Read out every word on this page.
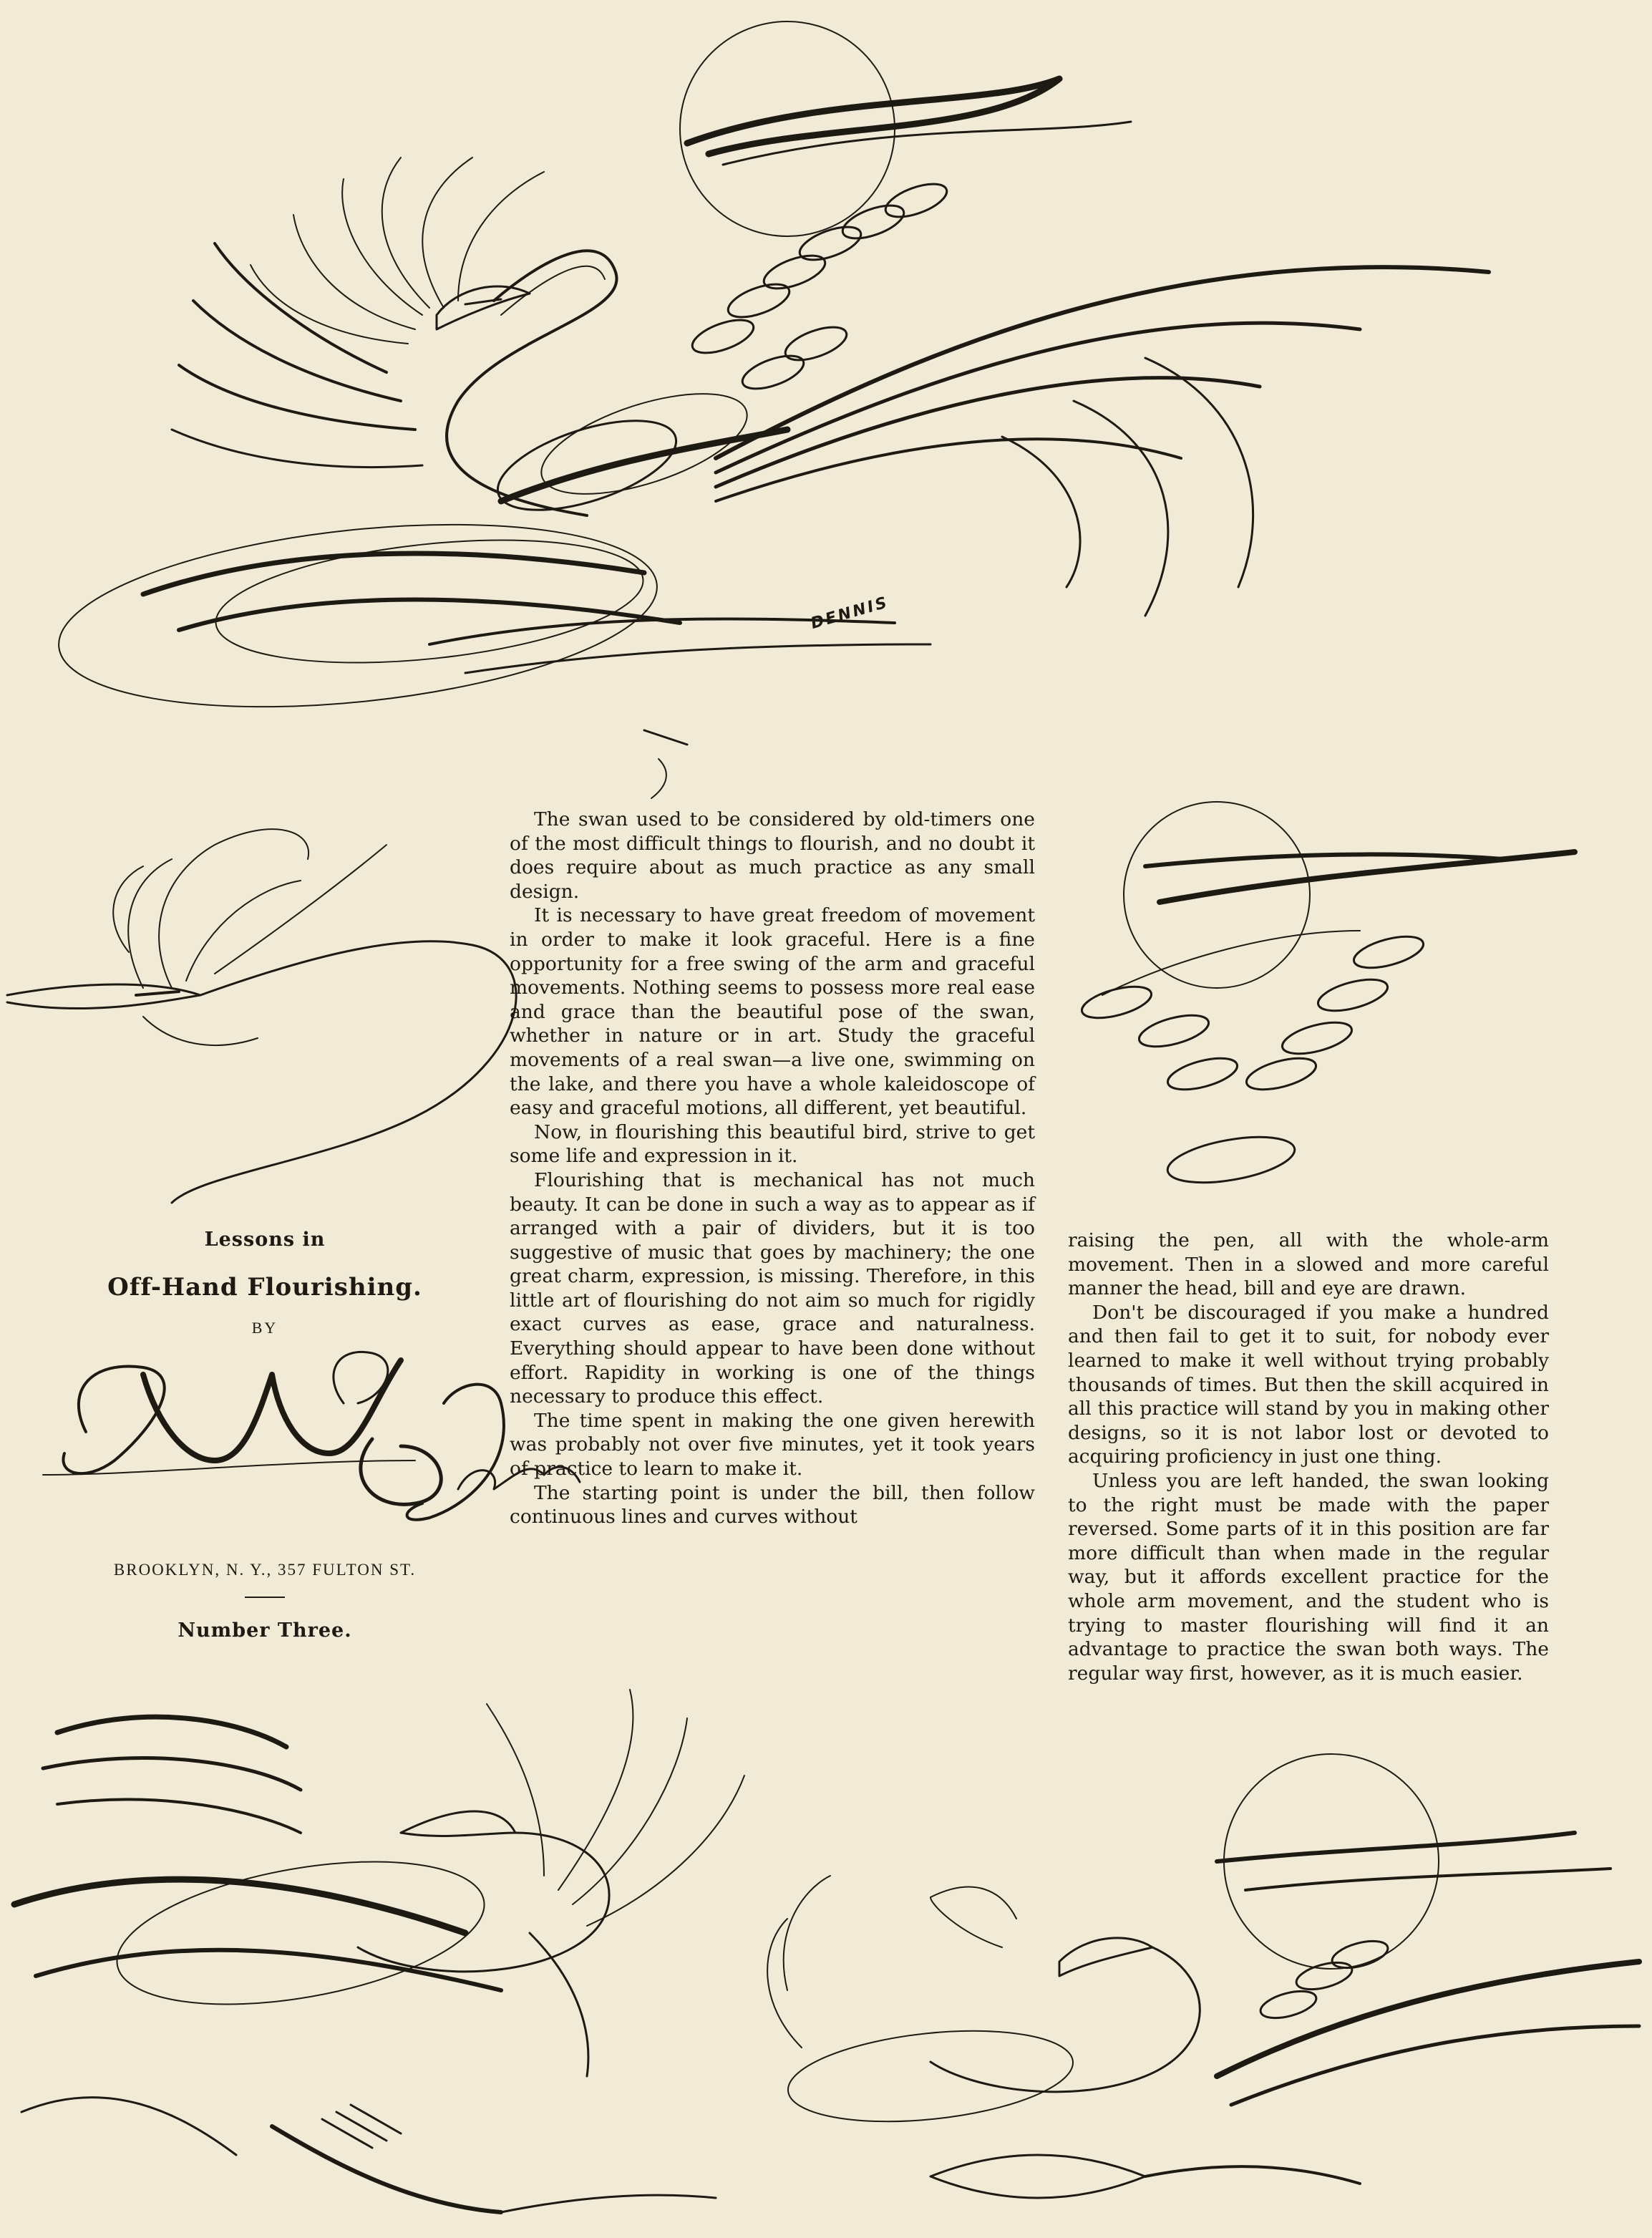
DENNIS
Lessons in
Off-Hand Flourishing.
BY
BROOKLYN, N. Y., 357 FULTON ST.
Number Three.

The swan used to be considered by old-timers one of the most difficult things to flourish, and no doubt it does require about as much practice as any small design.

It is necessary to have great freedom of movement in order to make it look graceful. Here is a fine opportunity for a free swing of the arm and graceful movements. Nothing seems to possess more real ease and grace than the beautiful pose of the swan, whether in nature or in art. Study the graceful movements of a real swan—a live one, swimming on the lake, and there you have a whole kaleidoscope of easy and graceful motions, all different, yet beautiful.

Now, in flourishing this beautiful bird, strive to get some life and expression in it.

Flourishing that is mechanical has not much beauty. It can be done in such a way as to appear as if arranged with a pair of dividers, but it is too suggestive of music that goes by machinery; the one great charm, expression, is missing. Therefore, in this little art of flourishing do not aim so much for rigidly exact curves as ease, grace and naturalness. Everything should appear to have been done without effort. Rapidity in working is one of the things necessary to produce this effect.

The time spent in making the one given herewith was probably not over five minutes, yet it took years of practice to learn to make it.

The starting point is under the bill, then follow continuous lines and curves without

raising the pen, all with the whole-arm movement. Then in a slowed and more careful manner the head, bill and eye are drawn.

Don't be discouraged if you make a hundred and then fail to get it to suit, for nobody ever learned to make it well without trying probably thousands of times. But then the skill acquired in all this practice will stand by you in making other designs, so it is not labor lost or devoted to acquiring proficiency in just one thing.

Unless you are left handed, the swan looking to the right must be made with the paper reversed. Some parts of it in this position are far more difficult than when made in the regular way, but it affords excellent practice for the whole arm movement, and the student who is trying to master flourishing will find it an advantage to practice the swan both ways. The regular way first, however, as it is much easier.
